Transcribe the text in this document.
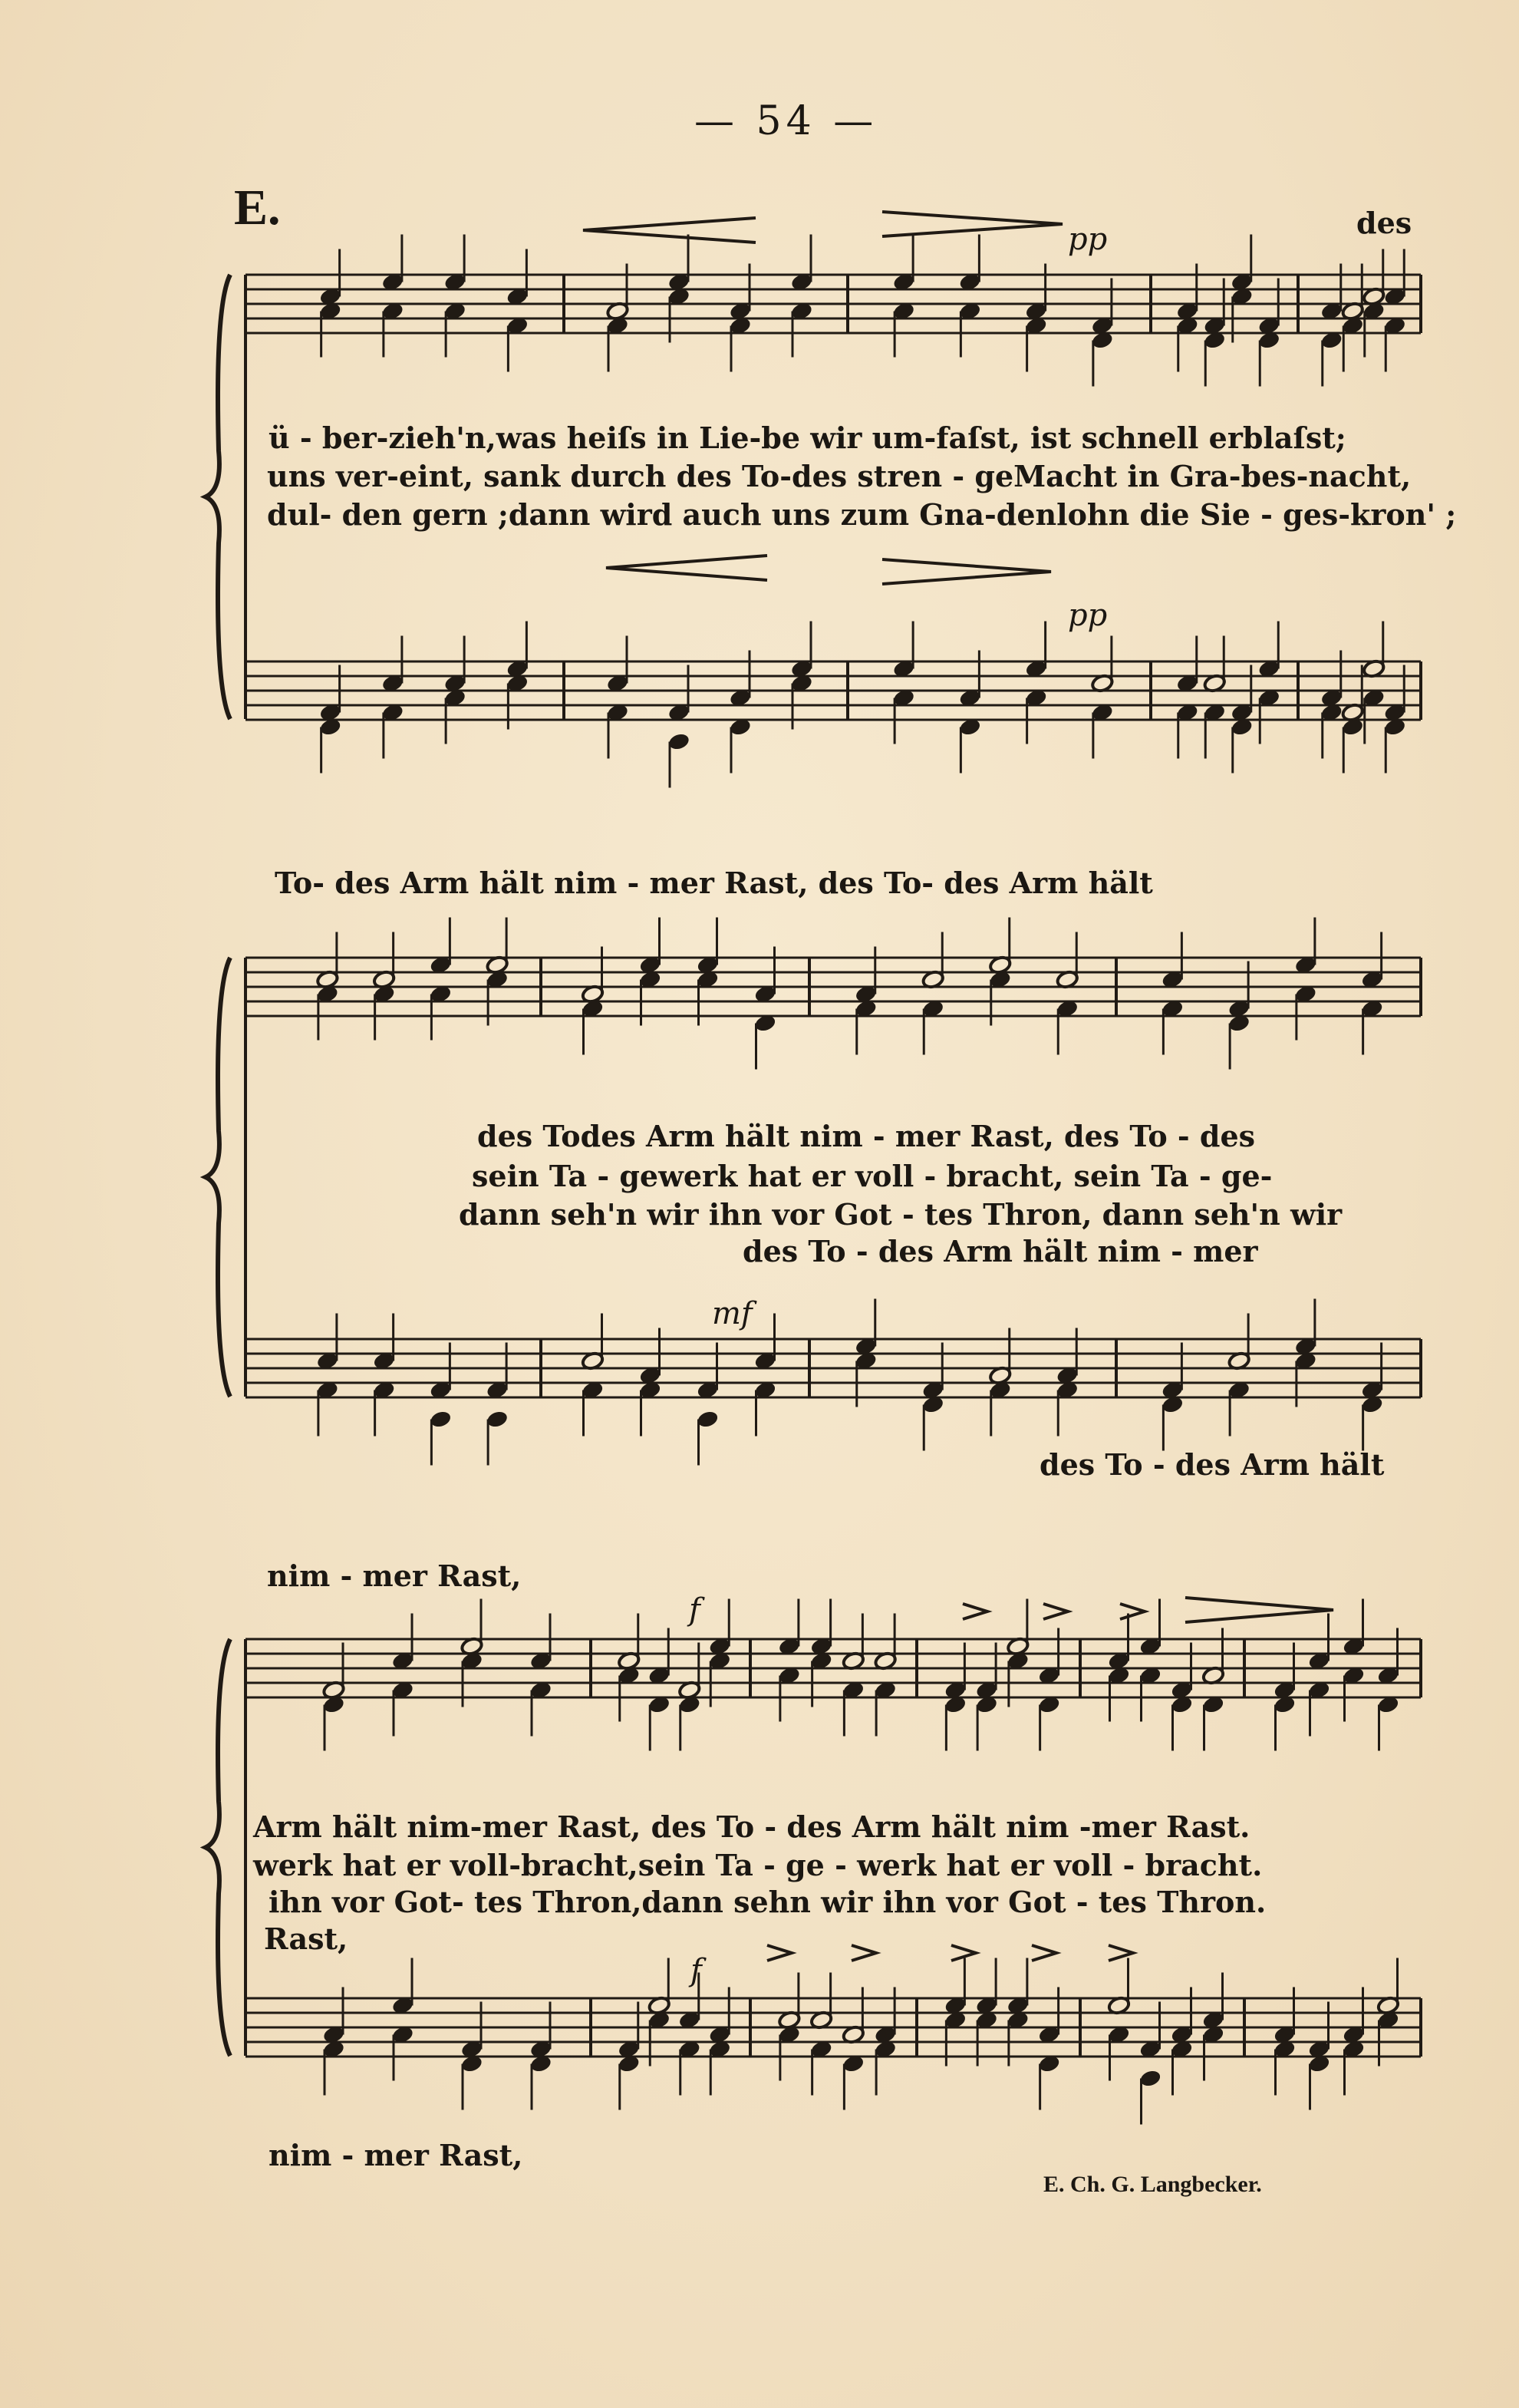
— 54 —
E.
pp
pp
mf
f
f
des
ü - ber-zieh'n,was heiſs in Lie-be wir um-faſst, ist schnell erblaſst;
uns ver-eint, sank durch des To-des stren - geMacht in Gra-bes-nacht,
dul- den gern ;dann wird auch uns zum Gna-denlohn die Sie - ges-kron' ;
To- des Arm hält nim - mer Rast, des To- des Arm hält
des Todes Arm hält nim - mer Rast, des To - des
sein Ta - gewerk hat er voll - bracht, sein Ta - ge-
dann seh'n wir ihn vor Got - tes Thron, dann seh'n wir
des To - des Arm hält nim - mer
des To - des Arm hält
nim - mer Rast,
Arm hält nim-mer Rast, des To - des Arm hält nim -mer Rast.
werk hat er voll-bracht,sein Ta - ge - werk hat er voll - bracht.
ihn vor Got- tes Thron,dann sehn wir ihn vor Got - tes Thron.
Rast,
nim - mer Rast,
E. Ch. G. Langbecker.
